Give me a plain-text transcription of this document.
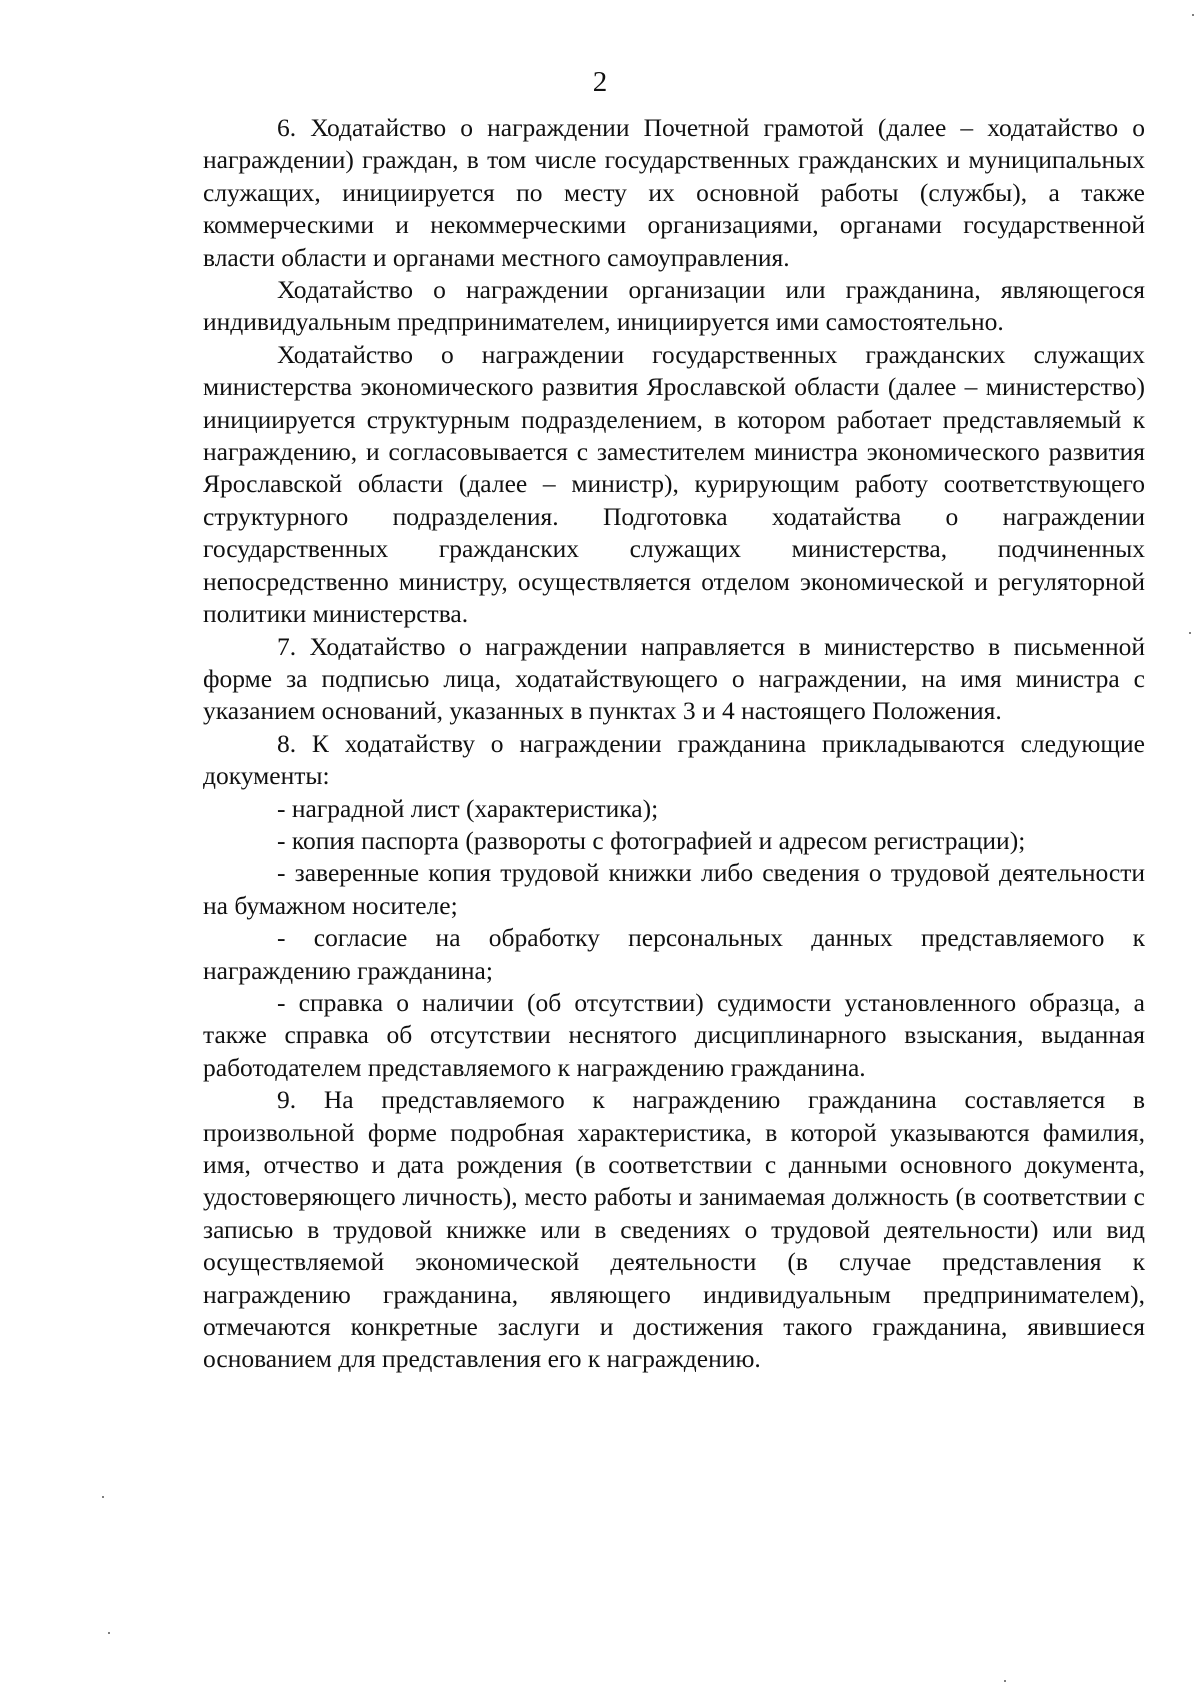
2

6. Ходатайство о награждении Почетной грамотой (далее – ходатайство о награждении) граждан, в том числе государственных гражданских и муниципальных служащих, инициируется по месту их основной работы (службы), а также коммерческими и некоммерческими организациями, органами государственной власти области и органами местного самоуправления.

Ходатайство о награждении организации или гражданина, являющегося индивидуальным предпринимателем, инициируется ими самостоятельно.

Ходатайство о награждении государственных гражданских служащих министерства экономического развития Ярославской области (далее – министерство) инициируется структурным подразделением, в котором работает представляемый к награждению, и согласовывается с заместителем министра экономического развития Ярославской области (далее – министр), курирующим работу соответствующего структурного подразделения. Подготовка ходатайства о награждении государственных гражданских служащих министерства, подчиненных непосредственно министру, осуществляется отделом экономической и регуляторной политики министерства.

7. Ходатайство о награждении направляется в министерство в письменной форме за подписью лица, ходатайствующего о награждении, на имя министра с указанием оснований, указанных в пунктах 3 и 4 настоящего Положения.

8. К ходатайству о награждении гражданина прикладываются следующие документы:

- наградной лист (характеристика);

- копия паспорта (развороты с фотографией и адресом регистрации);

- заверенные копия трудовой книжки либо сведения о трудовой деятельности на бумажном носителе;

- согласие на обработку персональных данных представляемого к награждению гражданина;

- справка о наличии (об отсутствии) судимости установленного образца, а также справка об отсутствии неснятого дисциплинарного взыскания, выданная работодателем представляемого к награждению гражданина.

9. На представляемого к награждению гражданина составляется в произвольной форме подробная характеристика, в которой указываются фамилия, имя, отчество и дата рождения (в соответствии с данными основного документа, удостоверяющего личность), место работы и занимаемая должность (в соответствии с записью в трудовой книжке или в сведениях о трудовой деятельности) или вид осуществляемой экономической деятельности (в случае представления к награждению гражданина, являющего индивидуальным предпринимателем), отмечаются конкретные заслуги и достижения такого гражданина, явившиеся основанием для представления его к награждению.
